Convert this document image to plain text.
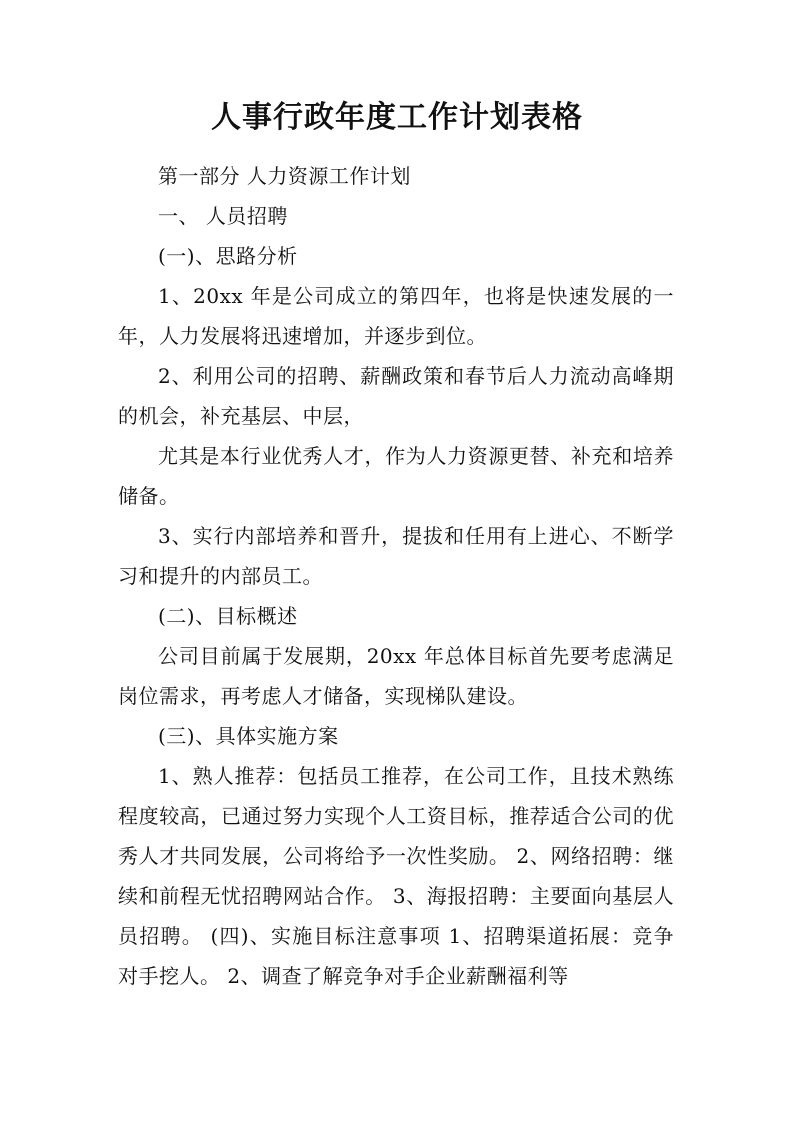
人事行政年度工作计划表格

第一部分 人力资源工作计划

一、 人员招聘

(一)、思路分析

1、20xx 年是公司成立的第四年，也将是快速发展的一年，人力发展将迅速增加，并逐步到位。

2、利用公司的招聘、薪酬政策和春节后人力流动高峰期的机会，补充基层、中层，

尤其是本行业优秀人才，作为人力资源更替、补充和培养储备。

3、实行内部培养和晋升，提拔和任用有上进心、不断学习和提升的内部员工。

(二)、目标概述

公司目前属于发展期，20xx 年总体目标首先要考虑满足岗位需求，再考虑人才储备，实现梯队建设。

(三)、具体实施方案

1、熟人推荐：包括员工推荐，在公司工作，且技术熟练程度较高，已通过努力实现个人工资目标，推荐适合公司的优秀人才共同发展，公司将给予一次性奖励。 2、网络招聘：继续和前程无忧招聘网站合作。 3、海报招聘：主要面向基层人员招聘。 (四)、实施目标注意事项 1、招聘渠道拓展：竞争对手挖人。 2、调查了解竞争对手企业薪酬福利等
